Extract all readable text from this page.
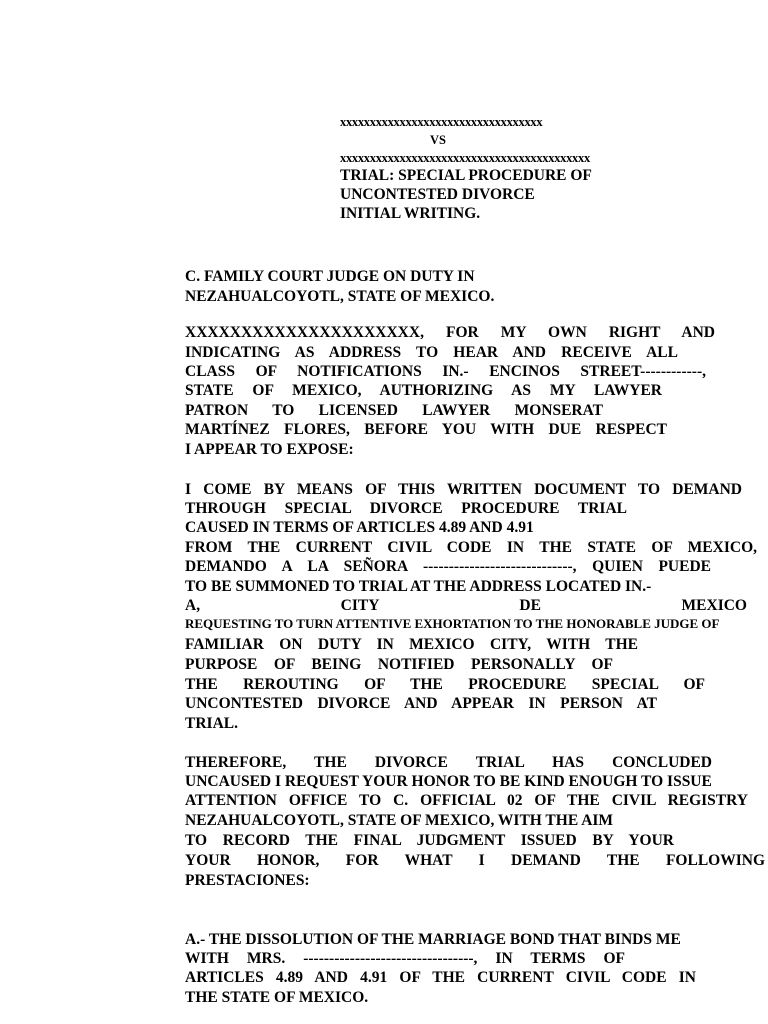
xxxxxxxxxxxxxxxxxxxxxxxxxxxxxxxxxx
VS
xxxxxxxxxxxxxxxxxxxxxxxxxxxxxxxxxxxxxxxxxx
TRIAL: SPECIAL PROCEDURE OF
UNCONTESTED DIVORCE
INITIAL WRITING.
C. FAMILY COURT JUDGE ON DUTY IN
NEZAHUALCOYOTL, STATE OF MEXICO.
XXXXXXXXXXXXXXXXXXXXX, FOR MY OWN RIGHT AND
INDICATING AS ADDRESS TO HEAR AND RECEIVE ALL
CLASS OF NOTIFICATIONS IN.- ENCINOS STREET------------,
STATE OF MEXICO, AUTHORIZING AS MY LAWYER
PATRON TO LICENSED LAWYER MONSERAT
MARTÍNEZ FLORES, BEFORE YOU WITH DUE RESPECT
I APPEAR TO EXPOSE:
I COME BY MEANS OF THIS WRITTEN DOCUMENT TO DEMAND
THROUGH SPECIAL DIVORCE PROCEDURE TRIAL
CAUSED IN TERMS OF ARTICLES 4.89 AND 4.91
FROM THE CURRENT CIVIL CODE IN THE STATE OF MEXICO,
DEMANDO A LA SEÑORA -----------------------------, QUIEN PUEDE
TO BE SUMMONED TO TRIAL AT THE ADDRESS LOCATED IN.-
A, CITY DE MEXICO
REQUESTING TO TURN ATTENTIVE EXHORTATION TO THE HONORABLE JUDGE OF
FAMILIAR ON DUTY IN MEXICO CITY, WITH THE
PURPOSE OF BEING NOTIFIED PERSONALLY OF
THE REROUTING OF THE PROCEDURE SPECIAL OF
UNCONTESTED DIVORCE AND APPEAR IN PERSON AT
TRIAL.
THEREFORE, THE DIVORCE TRIAL HAS CONCLUDED
UNCAUSED I REQUEST YOUR HONOR TO BE KIND ENOUGH TO ISSUE
ATTENTION OFFICE TO C. OFFICIAL 02 OF THE CIVIL REGISTRY
NEZAHUALCOYOTL, STATE OF MEXICO, WITH THE AIM
TO RECORD THE FINAL JUDGMENT ISSUED BY YOUR
YOUR HONOR, FOR WHAT I DEMAND THE FOLLOWING
PRESTACIONES:
A.- THE DISSOLUTION OF THE MARRIAGE BOND THAT BINDS ME
WITH MRS. ---------------------------------, IN TERMS OF
ARTICLES 4.89 AND 4.91 OF THE CURRENT CIVIL CODE IN
THE STATE OF MEXICO.
